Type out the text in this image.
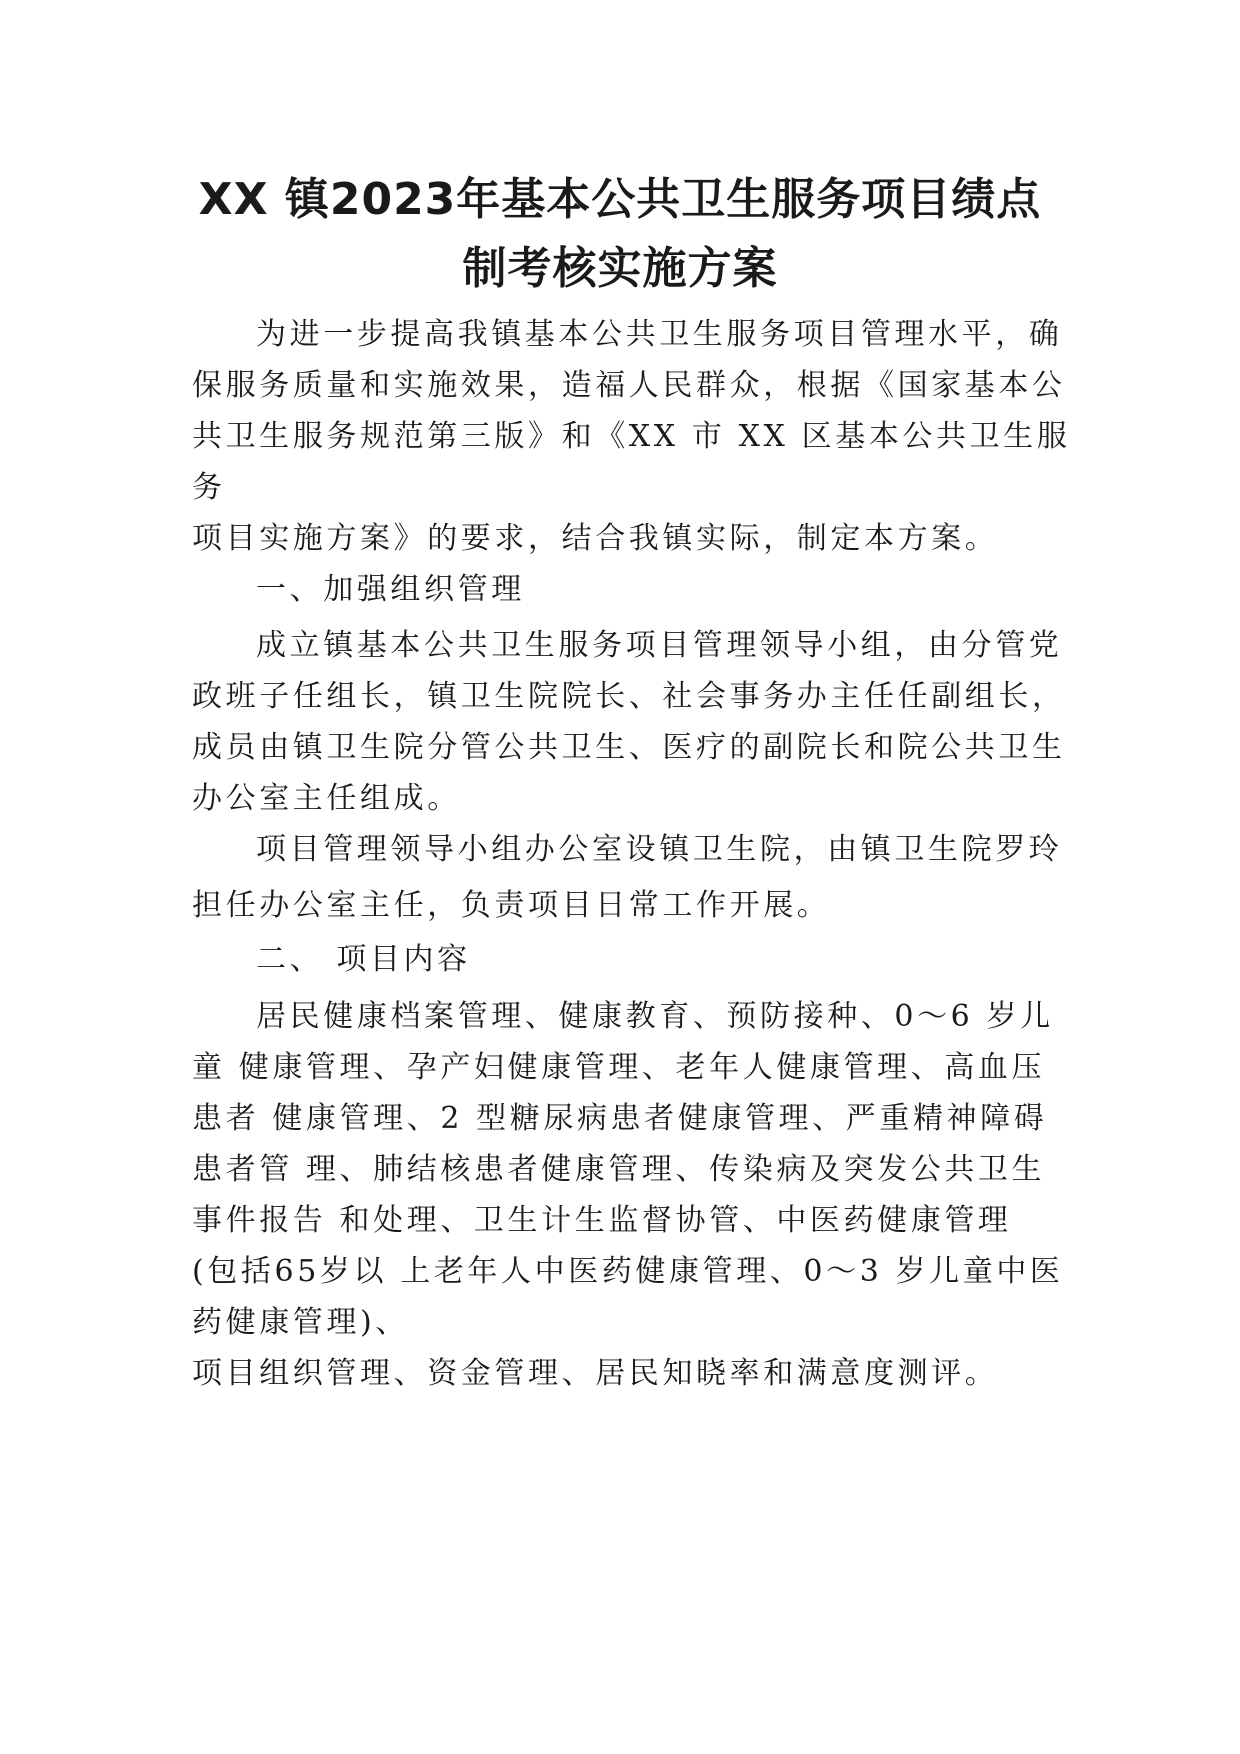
XX 镇2023年基本公共卫生服务项目绩点
制考核实施方案
为进一步提高我镇基本公共卫生服务项目管理水平，确
保服务质量和实施效果，造福人民群众，根据《国家基本公
共卫生服务规范第三版》和《XX 市 XX 区基本公共卫生服
务
项目实施方案》的要求，结合我镇实际，制定本方案。
一、加强组织管理
成立镇基本公共卫生服务项目管理领导小组，由分管党
政班子任组长，镇卫生院院长、社会事务办主任任副组长，
成员由镇卫生院分管公共卫生、医疗的副院长和院公共卫生
办公室主任组成。
项目管理领导小组办公室设镇卫生院，由镇卫生院罗玲
担任办公室主任，负责项目日常工作开展。
二、 项目内容
居民健康档案管理、健康教育、预防接种、0～6 岁儿
童 健康管理、孕产妇健康管理、老年人健康管理、高血压
患者 健康管理、2 型糖尿病患者健康管理、严重精神障碍
患者管 理、肺结核患者健康管理、传染病及突发公共卫生
事件报告 和处理、卫生计生监督协管、中医药健康管理
(包括65岁以 上老年人中医药健康管理、0～3 岁儿童中医
药健康管理)、
项目组织管理、资金管理、居民知晓率和满意度测评。
